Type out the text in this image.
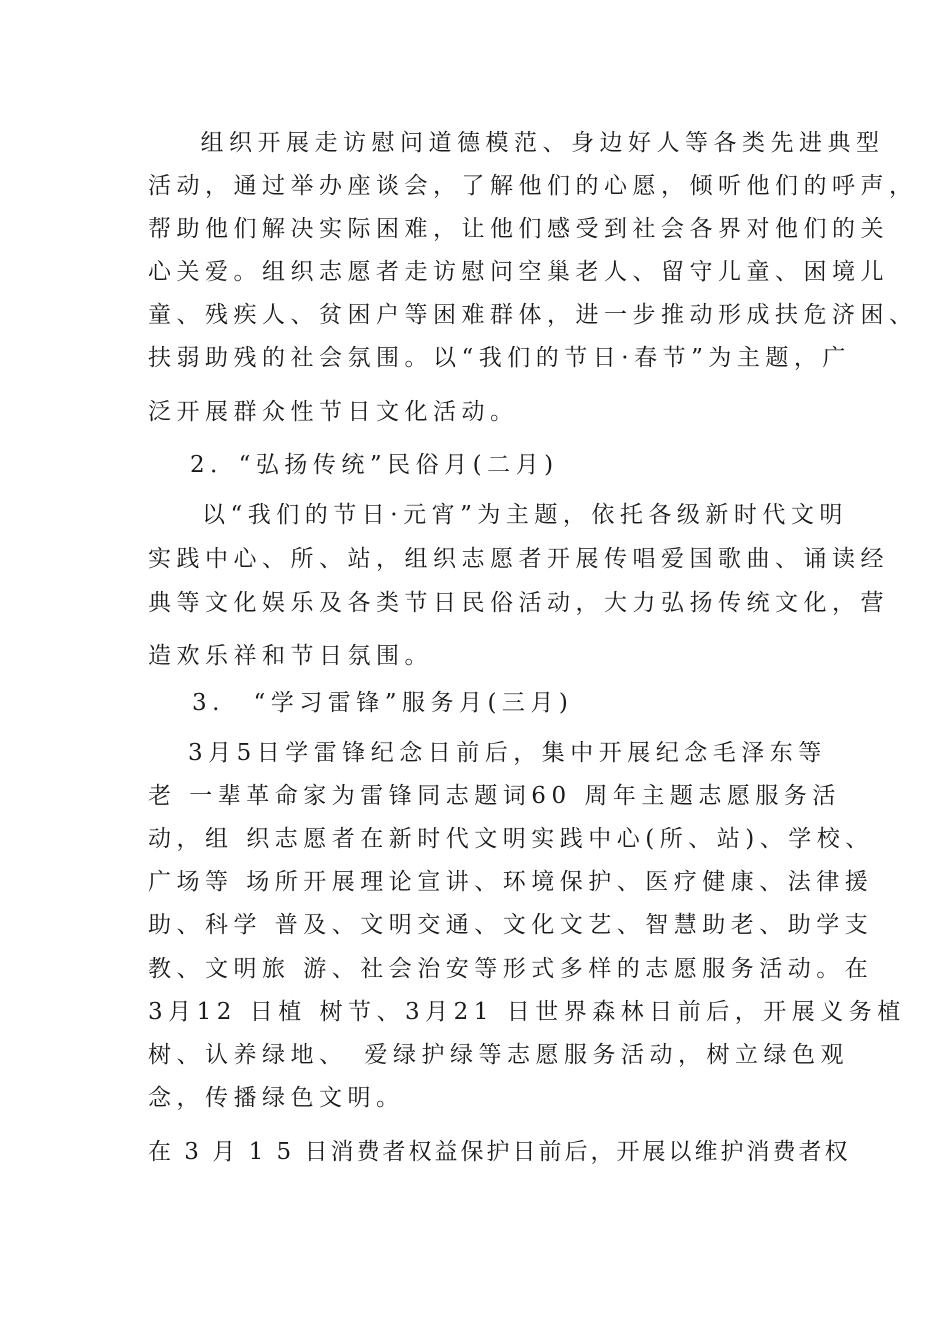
　组织开展走访慰问道德模范、身边好人等各类先进典型
活动，通过举办座谈会，了解他们的心愿，倾听他们的呼声，
帮助他们解决实际困难，让他们感受到社会各界对他们的关
心关爱。组织志愿者走访慰问空巢老人、留守儿童、困境儿
童、残疾人、贫困户等困难群体，进一步推动形成扶危济困、
扶弱助残的社会氛围。以“我们的节日·春节”为主题，广
泛开展群众性节日文化活动。
2．“弘扬传统”民俗月(二月)
以“我们的节日·元宵”为主题，依托各级新时代文明
实践中心、所、站，组织志愿者开展传唱爱国歌曲、诵读经
典等文化娱乐及各类节日民俗活动，大力弘扬传统文化，营
造欢乐祥和节日氛围。
3.　“学习雷锋”服务月(三月)
3月5日学雷锋纪念日前后，集中开展纪念毛泽东等
老 一辈革命家为雷锋同志题词60 周年主题志愿服务活
动，组 织志愿者在新时代文明实践中心(所、站)、学校、
广场等 场所开展理论宣讲、环境保护、医疗健康、法律援
助、科学 普及、文明交通、文化文艺、智慧助老、助学支
教、文明旅 游、社会治安等形式多样的志愿服务活动。在
3月12 日植 树节、3月21 日世界森林日前后，开展义务植
树、认养绿地、　爱绿护绿等志愿服务活动，树立绿色观
念，传播绿色文明。
在 3 月 1 5 日消费者权益保护日前后，开展以维护消费者权
